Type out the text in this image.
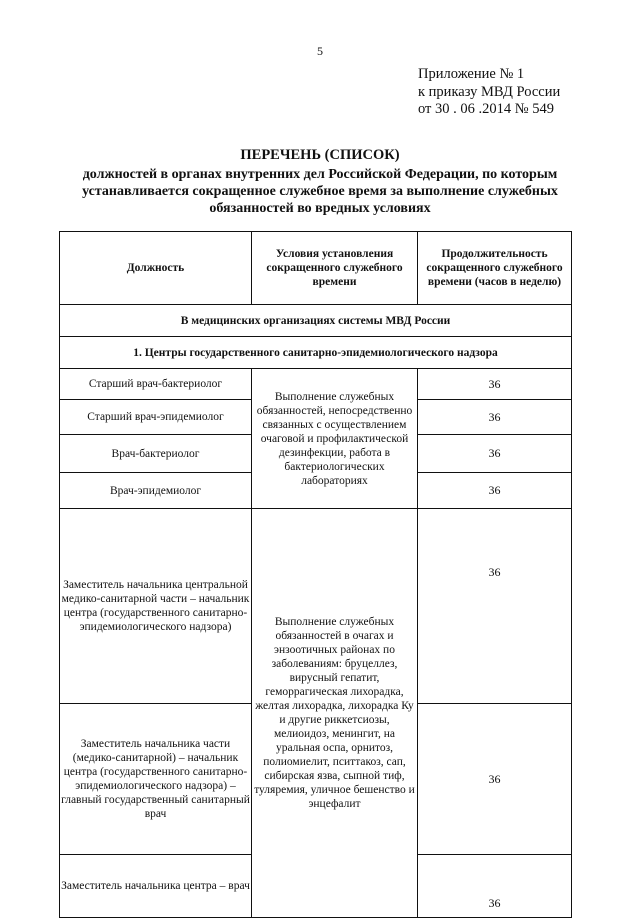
5
Приложение № 1
к приказу МВД России
от 30 . 06 .2014 № 549
ПЕРЕЧЕНЬ (СПИСОК)
должностей в органах внутренних дел Российской Федерации, по которым устанавливается сокращенное служебное время за выполнение служебных обязанностей во вредных условиях
Должность	Условия установления сокращенного служебного времени	Продолжительность сокращенного служебного времени (часов в неделю)
В медицинских организациях системы МВД России		
1. Центры государственного санитарно-эпидемиологического надзора		
Старший врач-бактериолог	Выполнение служебных обязанностей, непосредственно связанных с осуществлением очаговой и профилактической дезинфекции, работа в бактериологических лабораториях	36
Старший врач-эпидемиолог		36
Врач-бактериолог		36
Врач-эпидемиолог		36
Заместитель начальника центральной медико-санитарной части – начальник центра (государственного санитарно-эпидемиологического надзора)	Выполнение служебных обязанностей в очагах и энзоотичных районах по заболеваниям: бруцеллез, вирусный гепатит, геморрагическая лихорадка, желтая лихорадка, лихорадка Ку и другие риккетсиозы, мелиоидоз, менингит, на уральная оспа, орнитоз, полиомиелит, пситтакоз, сап, сибирская язва, сыпной тиф, туляремия, уличное бешенство и энцефалит	36
Заместитель начальника части (медико-санитарной) – начальник центра (государственного санитарно-эпидемиологического надзора) – главный государственный санитарный врач		36
Заместитель начальника центра – врач		36
